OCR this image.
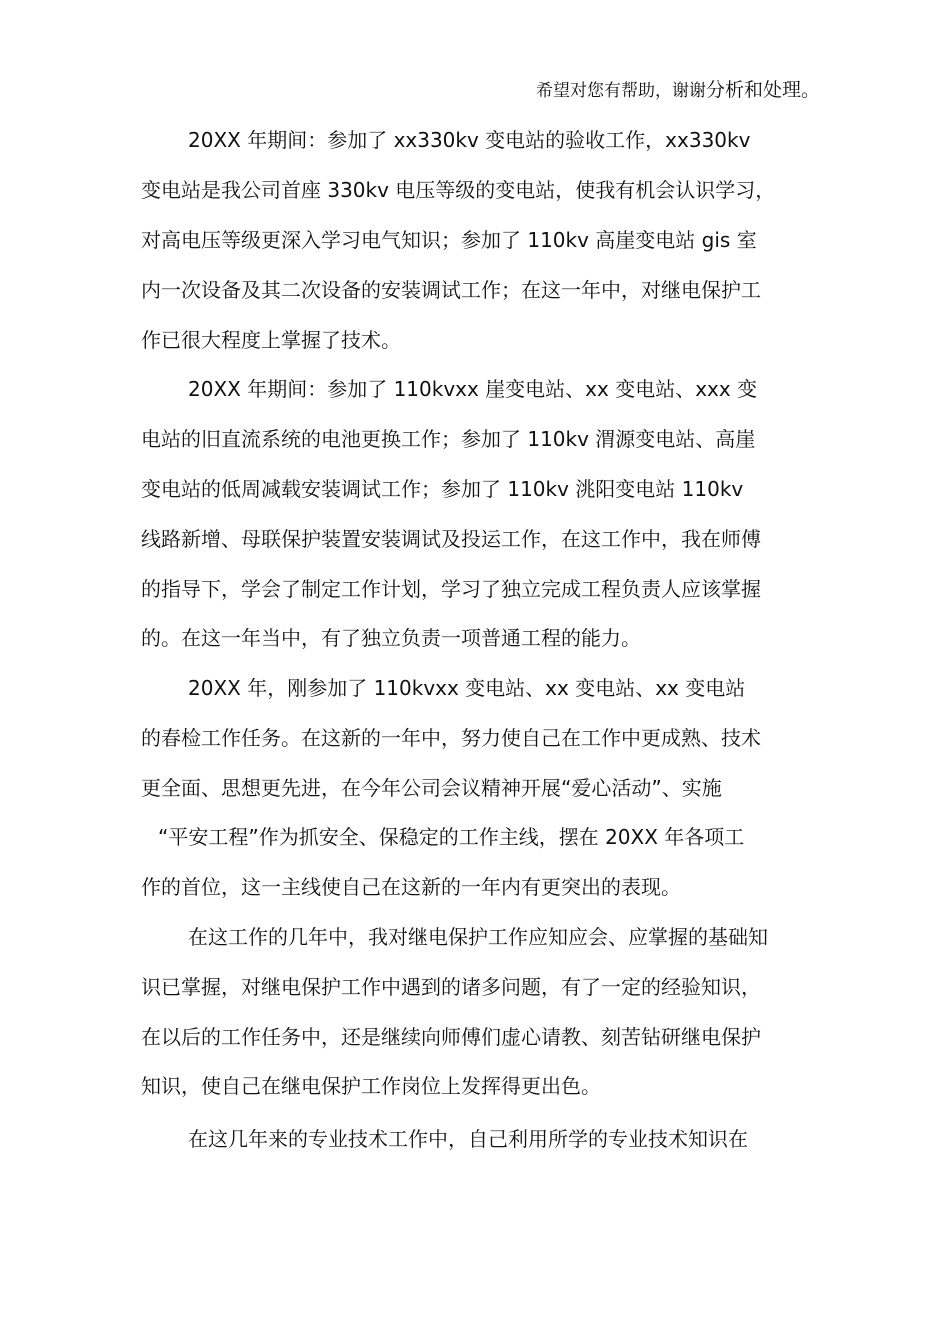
希望对您有帮助，谢谢分析和处理。
20XX 年期间：参加了 xx330kv 变电站的验收工作，xx330kv
变电站是我公司首座 330kv 电压等级的变电站，使我有机会认识学习，
对高电压等级更深入学习电气知识；参加了 110kv 高崖变电站 gis 室
内一次设备及其二次设备的安装调试工作；在这一年中，对继电保护工
作已很大程度上掌握了技术。
20XX 年期间：参加了 110kvxx 崖变电站、xx 变电站、xxx 变
电站的旧直流系统的电池更换工作；参加了 110kv 渭源变电站、高崖
变电站的低周减载安装调试工作；参加了 110kv 洮阳变电站 110kv
线路新增、母联保护装置安装调试及投运工作，在这工作中，我在师傅
的指导下，学会了制定工作计划，学习了独立完成工程负责人应该掌握
的。在这一年当中，有了独立负责一项普通工程的能力。
20XX 年，刚参加了 110kvxx 变电站、xx 变电站、xx 变电站
的春检工作任务。在这新的一年中，努力使自己在工作中更成熟、技术
更全面、思想更先进，在今年公司会议精神开展“爱心活动”、实施
“平安工程”作为抓安全、保稳定的工作主线，摆在 20XX 年各项工
作的首位，这一主线使自己在这新的一年内有更突出的表现。
在这工作的几年中，我对继电保护工作应知应会、应掌握的基础知
识已掌握，对继电保护工作中遇到的诸多问题，有了一定的经验知识，
在以后的工作任务中，还是继续向师傅们虚心请教、刻苦钻研继电保护
知识，使自己在继电保护工作岗位上发挥得更出色。
在这几年来的专业技术工作中，自己利用所学的专业技术知识在
